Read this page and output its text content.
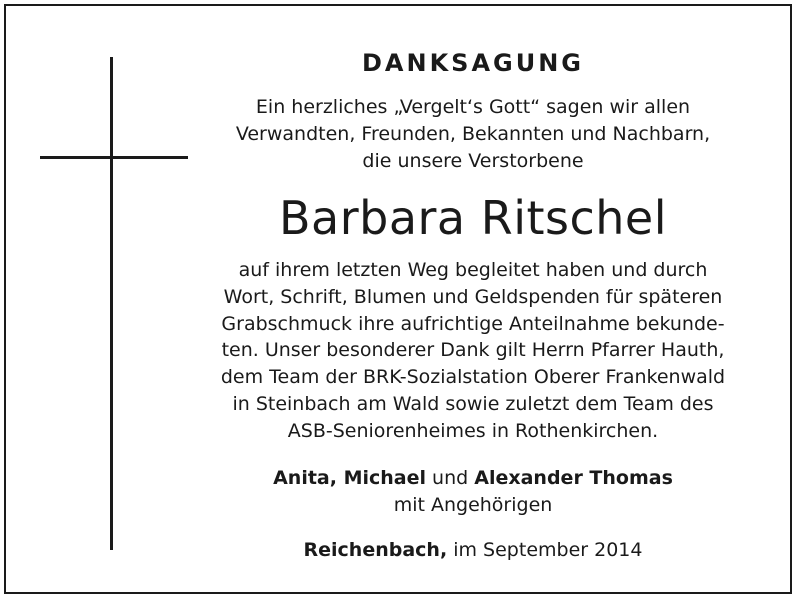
DANKSAGUNG
Ein herzliches „Vergelt‘s Gott“ sagen wir allen
Verwandten, Freunden, Bekannten und Nachbarn,
die unsere Verstorbene
Barbara Ritschel
auf ihrem letzten Weg begleitet haben und durch
Wort, Schrift, Blumen und Geldspenden für späteren
Grabschmuck ihre aufrichtige Anteilnahme bekunde-
ten. Unser besonderer Dank gilt Herrn Pfarrer Hauth,
dem Team der BRK-Sozialstation Oberer Frankenwald
in Steinbach am Wald sowie zuletzt dem Team des
ASB-Seniorenheimes in Rothenkirchen.
Anita, Michael und Alexander Thomas
mit Angehörigen
Reichenbach, im September 2014
